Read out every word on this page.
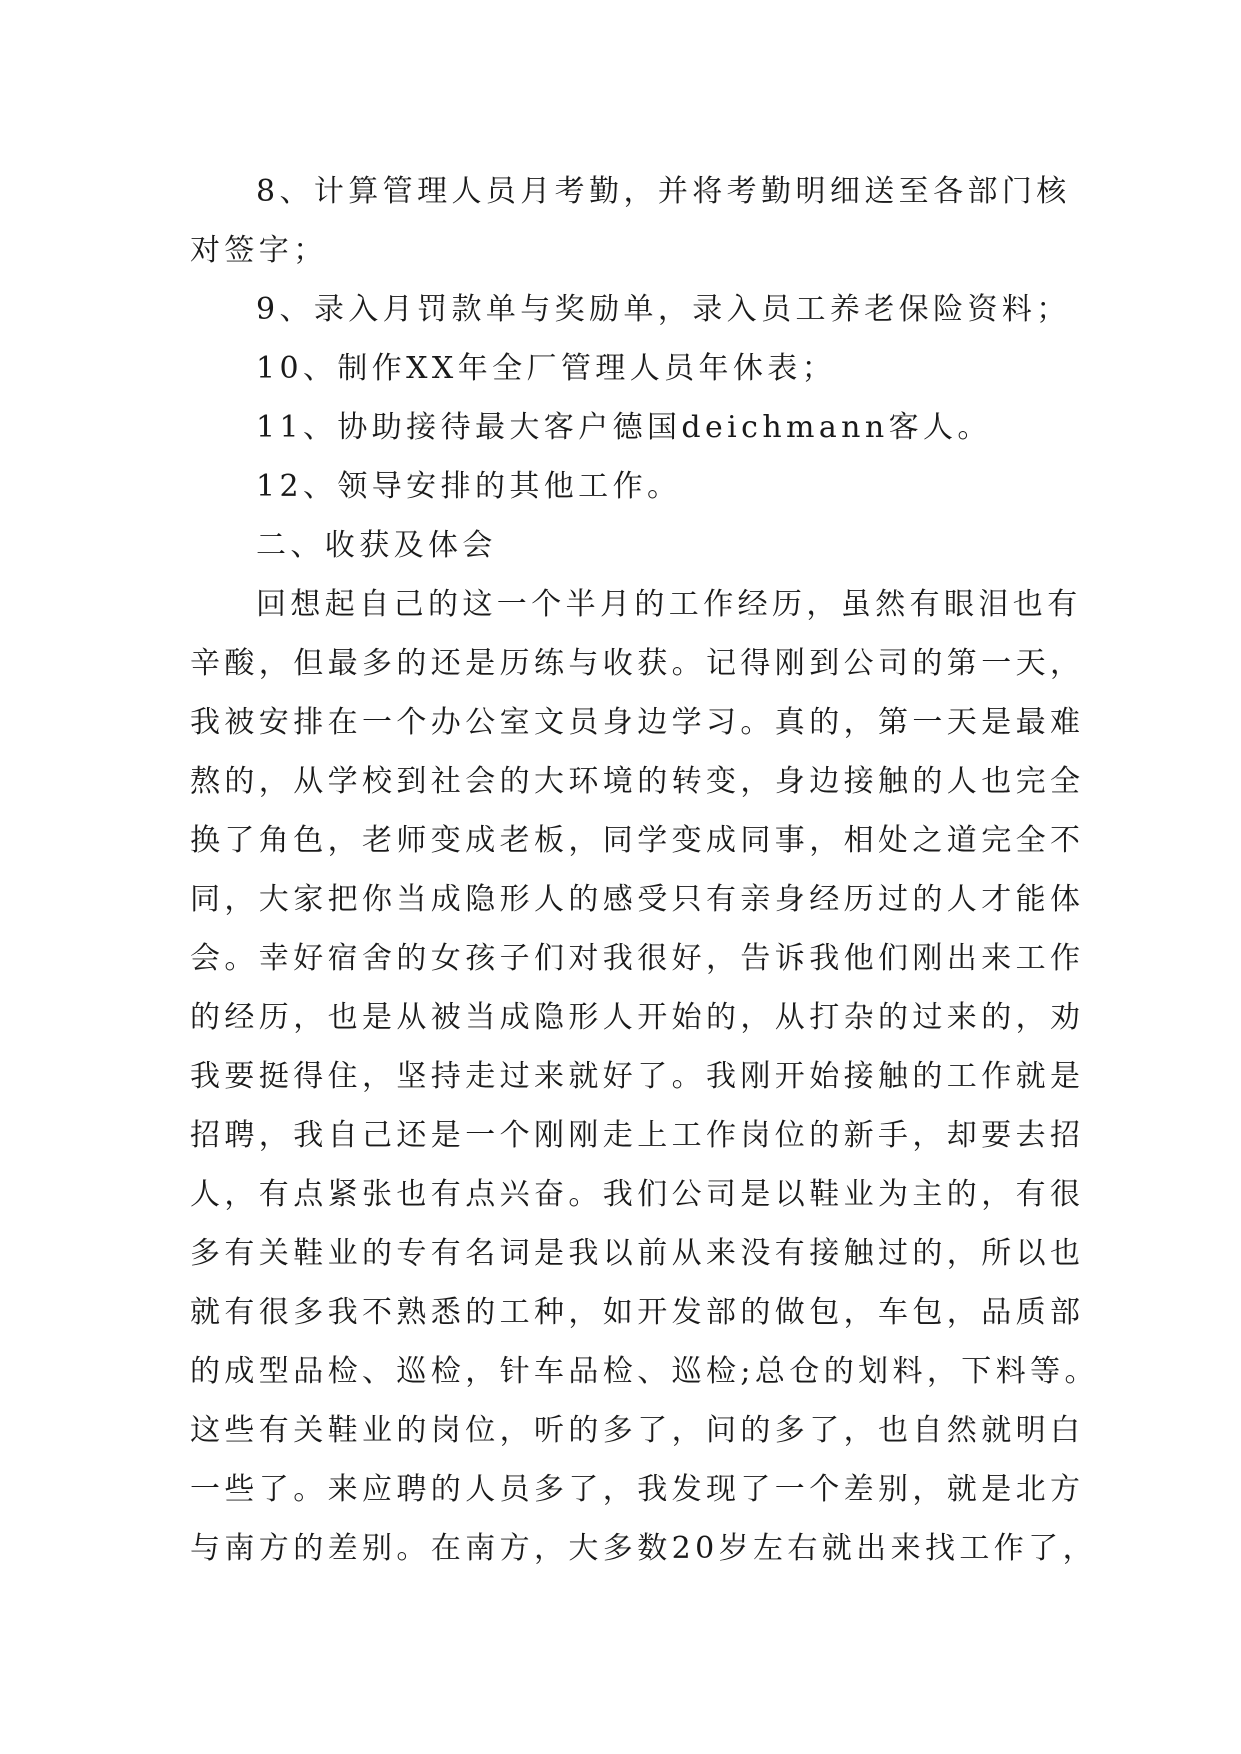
8、计算管理人员月考勤，并将考勤明细送至各部门核
对签字；
9、录入月罚款单与奖励单，录入员工养老保险资料；
10、制作XX年全厂管理人员年休表；
11、协助接待最大客户德国deichmann客人。
12、领导安排的其他工作。
二、收获及体会
回想起自己的这一个半月的工作经历，虽然有眼泪也有
辛酸，但最多的还是历练与收获。记得刚到公司的第一天，
我被安排在一个办公室文员身边学习。真的，第一天是最难
熬的，从学校到社会的大环境的转变，身边接触的人也完全
换了角色，老师变成老板，同学变成同事，相处之道完全不
同，大家把你当成隐形人的感受只有亲身经历过的人才能体
会。幸好宿舍的女孩子们对我很好，告诉我他们刚出来工作
的经历，也是从被当成隐形人开始的，从打杂的过来的，劝
我要挺得住，坚持走过来就好了。我刚开始接触的工作就是
招聘，我自己还是一个刚刚走上工作岗位的新手，却要去招
人，有点紧张也有点兴奋。我们公司是以鞋业为主的，有很
多有关鞋业的专有名词是我以前从来没有接触过的，所以也
就有很多我不熟悉的工种，如开发部的做包，车包，品质部
的成型品检、巡检，针车品检、巡检;总仓的划料，下料等。
这些有关鞋业的岗位，听的多了，问的多了，也自然就明白
一些了。来应聘的人员多了，我发现了一个差别，就是北方
与南方的差别。在南方，大多数20岁左右就出来找工作了，
